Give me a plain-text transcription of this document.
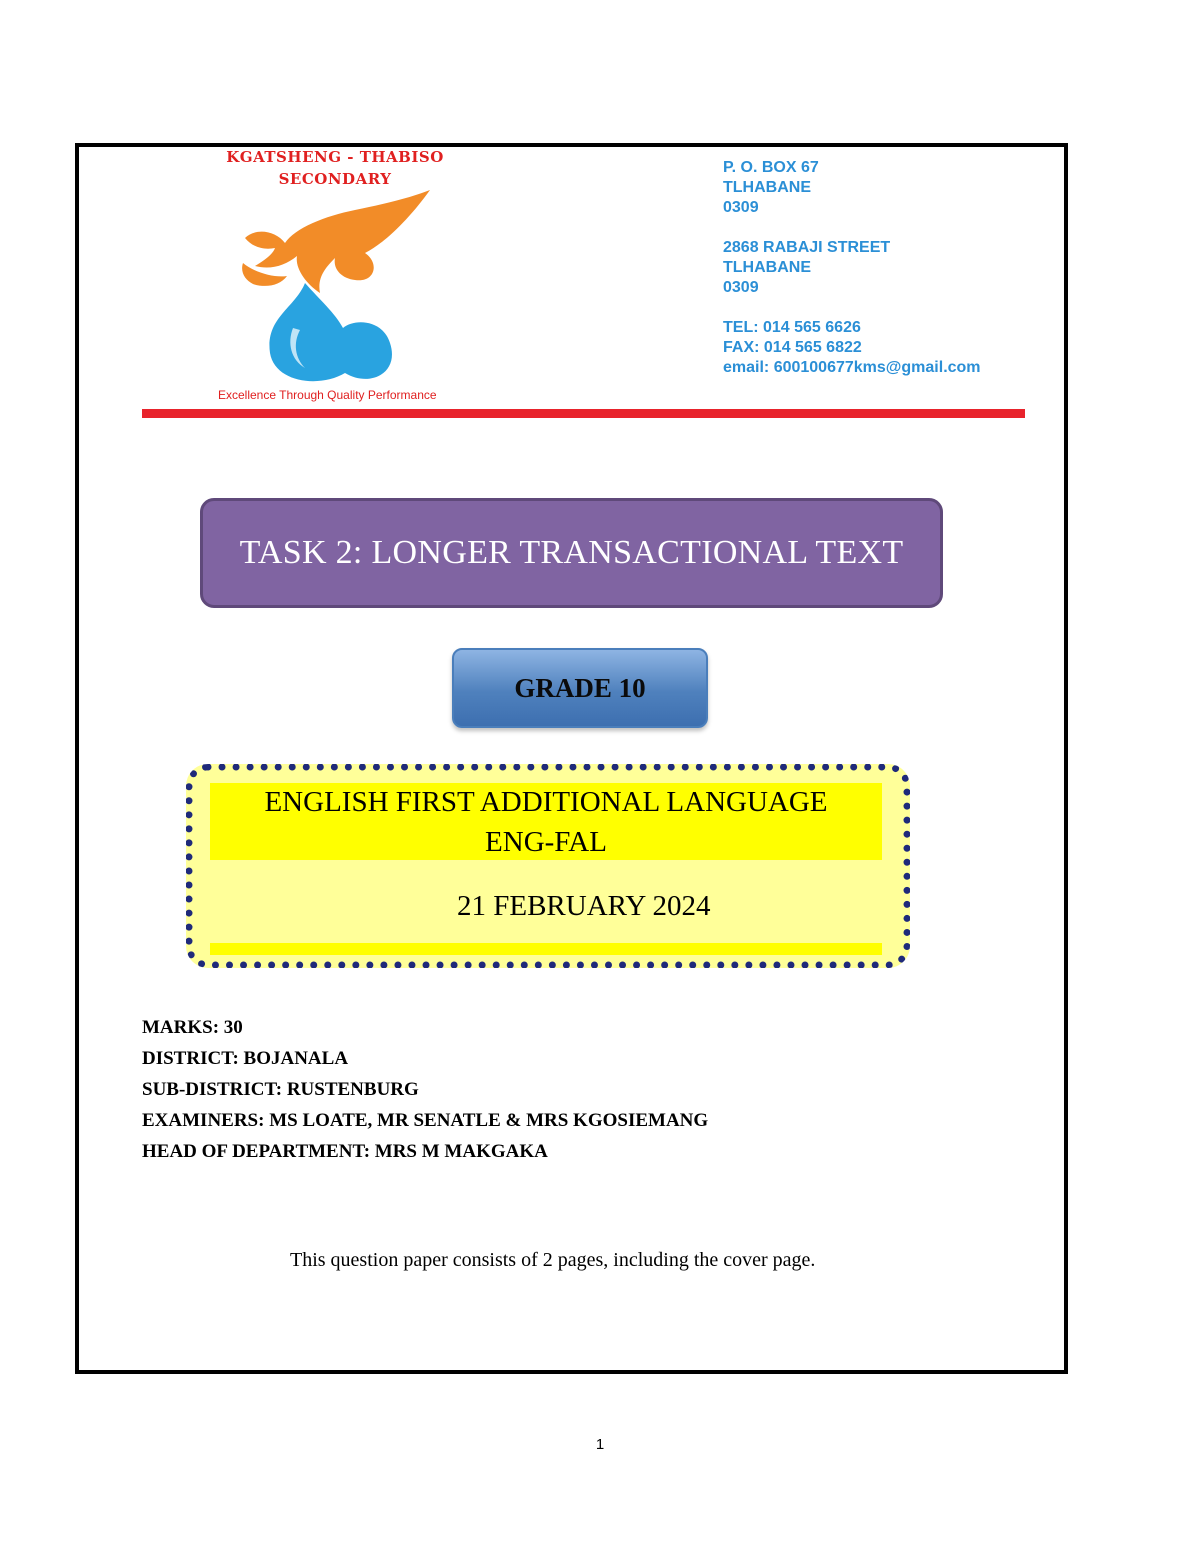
KGATSHENG - THABISO
SECONDARY
Excellence Through Quality Performance
P. O. BOX 67
TLHABANE
0309
2868 RABAJI STREET
TLHABANE
0309
TEL: 014 565 6626
FAX: 014 565 6822
email: 600100677kms@gmail.com
TASK 2: LONGER TRANSACTIONAL TEXT
GRADE 10
ENGLISH FIRST ADDITIONAL LANGUAGE
ENG-FAL
21 FEBRUARY 2024
MARKS: 30
DISTRICT: BOJANALA
SUB-DISTRICT: RUSTENBURG
EXAMINERS: MS LOATE, MR SENATLE & MRS KGOSIEMANG
HEAD OF DEPARTMENT: MRS M MAKGAKA
This question paper consists of 2 pages, including the cover page.
1
